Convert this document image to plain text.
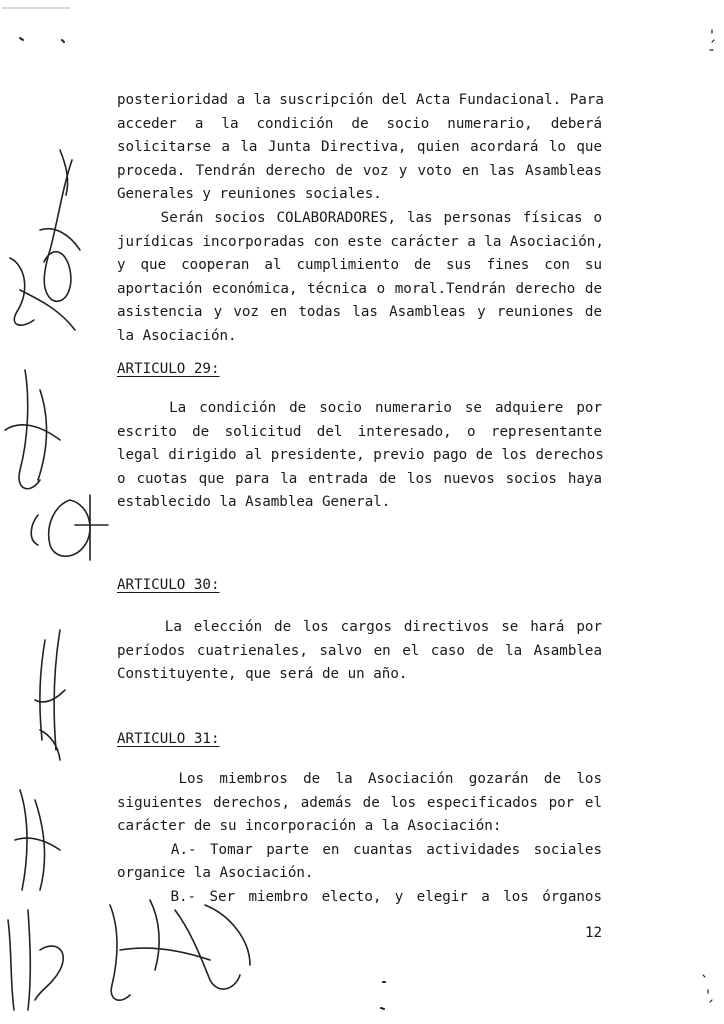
posterioridad a la suscripción del Acta Fundacional. Para
acceder a la condición de socio numerario, deberá
solicitarse a la Junta Directiva, quien acordará lo que
proceda. Tendrán derecho de voz y voto en las Asambleas
Generales y reuniones sociales.
Serán socios COLABORADORES, las personas físicas o
jurídicas incorporadas con este carácter a la Asociación,
y que cooperan al cumplimiento de sus fines con su
aportación económica, técnica o moral.Tendrán derecho de
asistencia y voz en todas las Asambleas y reuniones de
la Asociación.
ARTICULO 29:
La condición de socio numerario se adquiere por
escrito de solicitud del interesado, o representante
legal dirigido al presidente, previo pago de los derechos
o cuotas que para la entrada de los nuevos socios haya
establecido la Asamblea General.
ARTICULO 30:
La elección de los cargos directivos se hará por
períodos cuatrienales, salvo en el caso de la Asamblea
Constituyente, que será de un año.
ARTICULO 31:
Los miembros de la Asociación gozarán de los
siguientes derechos, además de los especificados por el
carácter de su incorporación a la Asociación:
A.- Tomar parte en cuantas actividades sociales
organice la Asociación.
B.- Ser miembro electo, y elegir a los órganos
12
